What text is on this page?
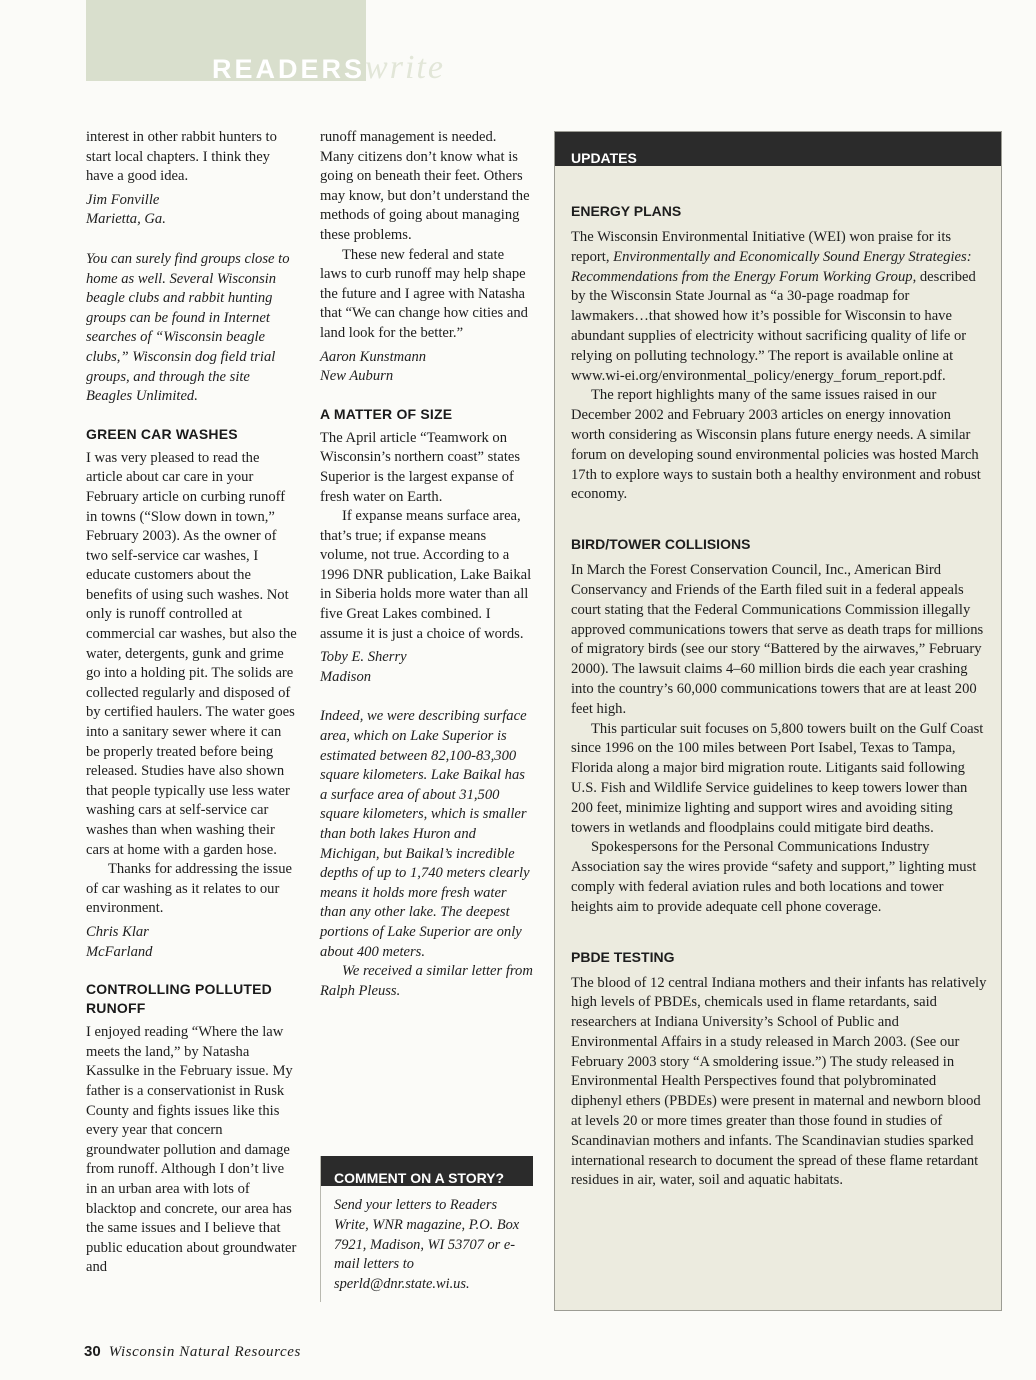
READERSwrite

interest in other rabbit hunters to start local chapters. I think they have a good idea.

Jim Fonville

Marietta, Ga.

You can surely find groups close to home as well. Several Wisconsin beagle clubs and rabbit hunting groups can be found in Internet searches of “Wisconsin beagle clubs,” Wisconsin dog field trial groups, and through the site Beagles Unlimited.

GREEN CAR WASHES

I was very pleased to read the article about car care in your February article on curbing runoff in towns (“Slow down in town,” February 2003). As the owner of two self-service car washes, I educate customers about the benefits of using such washes. Not only is runoff controlled at commercial car washes, but also the water, detergents, gunk and grime go into a holding pit. The solids are collected regularly and disposed of by certified haulers. The water goes into a sanitary sewer where it can be properly treated before being released. Studies have also shown that people typically use less water washing cars at self-service car washes than when washing their cars at home with a garden hose.

Thanks for addressing the issue of car washing as it relates to our environment.

Chris Klar

McFarland

CONTROLLING POLLUTED RUNOFF

I enjoyed reading “Where the law meets the land,” by Natasha Kassulke in the February issue. My father is a conservationist in Rusk County and fights issues like this every year that concern groundwater pollution and damage from runoff. Although I don’t live in an urban area with lots of blacktop and concrete, our area has the same issues and I believe that public education about groundwater and

runoff management is needed. Many citizens don’t know what is going on beneath their feet. Others may know, but don’t understand the methods of going about managing these problems.

These new federal and state laws to curb runoff may help shape the future and I agree with Natasha that “We can change how cities and land look for the better.”

Aaron Kunstmann

New Auburn

A MATTER OF SIZE

The April article “Teamwork on Wisconsin’s northern coast” states Superior is the largest expanse of fresh water on Earth.

If expanse means surface area, that’s true; if expanse means volume, not true. According to a 1996 DNR publication, Lake Baikal in Siberia holds more water than all five Great Lakes combined. I assume it is just a choice of words.

Toby E. Sherry

Madison

Indeed, we were describing surface area, which on Lake Superior is estimated between 82,100-83,300 square kilometers. Lake Baikal has a surface area of about 31,500 square kilometers, which is smaller than both lakes Huron and Michigan, but Baikal’s incredible depths of up to 1,740 meters clearly means it holds more fresh water than any other lake. The deepest portions of Lake Superior are only about 400 meters.

We received a similar letter from Ralph Pleuss.

COMMENT ON A STORY?
Send your letters to Readers Write, WNR magazine, P.O. Box 7921, Madison, WI 53707 or e-mail letters to sperld@dnr.state.wi.us.
UPDATES
ENERGY PLANS

The Wisconsin Environmental Initiative (WEI) won praise for its report, Environmentally and Economically Sound Energy Strategies: Recommendations from the Energy Forum Working Group, described by the Wisconsin State Journal as “a 30-page roadmap for lawmakers…that showed how it’s possible for Wisconsin to have abundant supplies of electricity without sacrificing quality of life or relying on polluting technology.” The report is available online at www.wi-ei.org/environmental_policy/energy_forum_report.pdf.

The report highlights many of the same issues raised in our December 2002 and February 2003 articles on energy innovation worth considering as Wisconsin plans future energy needs. A similar forum on developing sound environmental policies was hosted March 17th to explore ways to sustain both a healthy environment and robust economy.

BIRD/TOWER COLLISIONS

In March the Forest Conservation Council, Inc., American Bird Conservancy and Friends of the Earth filed suit in a federal appeals court stating that the Federal Communications Commission illegally approved communications towers that serve as death traps for millions of migratory birds (see our story “Battered by the airwaves,” February 2000). The lawsuit claims 4–60 million birds die each year crashing into the country’s 60,000 communications towers that are at least 200 feet high.

This particular suit focuses on 5,800 towers built on the Gulf Coast since 1996 on the 100 miles between Port Isabel, Texas to Tampa, Florida along a major bird migration route. Litigants said following U.S. Fish and Wildlife Service guidelines to keep towers lower than 200 feet, minimize lighting and support wires and avoiding siting towers in wetlands and floodplains could mitigate bird deaths.

Spokespersons for the Personal Communications Industry Association say the wires provide “safety and support,” lighting must comply with federal aviation rules and both locations and tower heights aim to provide adequate cell phone coverage.

PBDE TESTING

The blood of 12 central Indiana mothers and their infants has relatively high levels of PBDEs, chemicals used in flame retardants, said researchers at Indiana University’s School of Public and Environmental Affairs in a study released in March 2003. (See our February 2003 story “A smoldering issue.”) The study released in Environmental Health Perspectives found that polybrominated diphenyl ethers (PBDEs) were present in maternal and newborn blood at levels 20 or more times greater than those found in studies of Scandinavian mothers and infants. The Scandinavian studies sparked international research to document the spread of these flame retardant residues in air, water, soil and aquatic habitats.

30 Wisconsin Natural Resources
